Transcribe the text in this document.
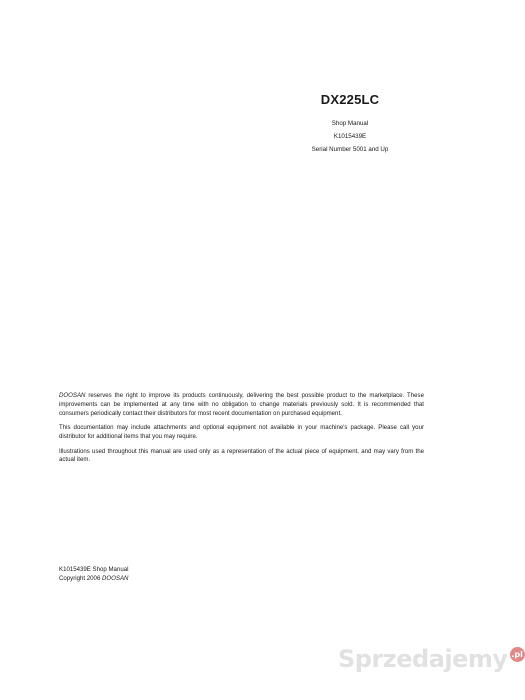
DX225LC

Shop Manual

K1015439E

Serial Number 5001 and Up

DOOSAN reserves the right to improve its products continuously, delivering the best possible product to the marketplace. These improvements can be implemented at any time with no obligation to change materials previously sold. It is recommended that consumers periodically contact their distributors for most recent documentation on purchased equipment.

This documentation may include attachments and optional equipment not available in your machine's package. Please call your distributor for additional items that you may require.

Illustrations used throughout this manual are used only as a representation of the actual piece of equipment, and may vary from the actual item.

K1015439E Shop Manual
Copyright 2006 DOOSAN
Sprzedajemy .pl
